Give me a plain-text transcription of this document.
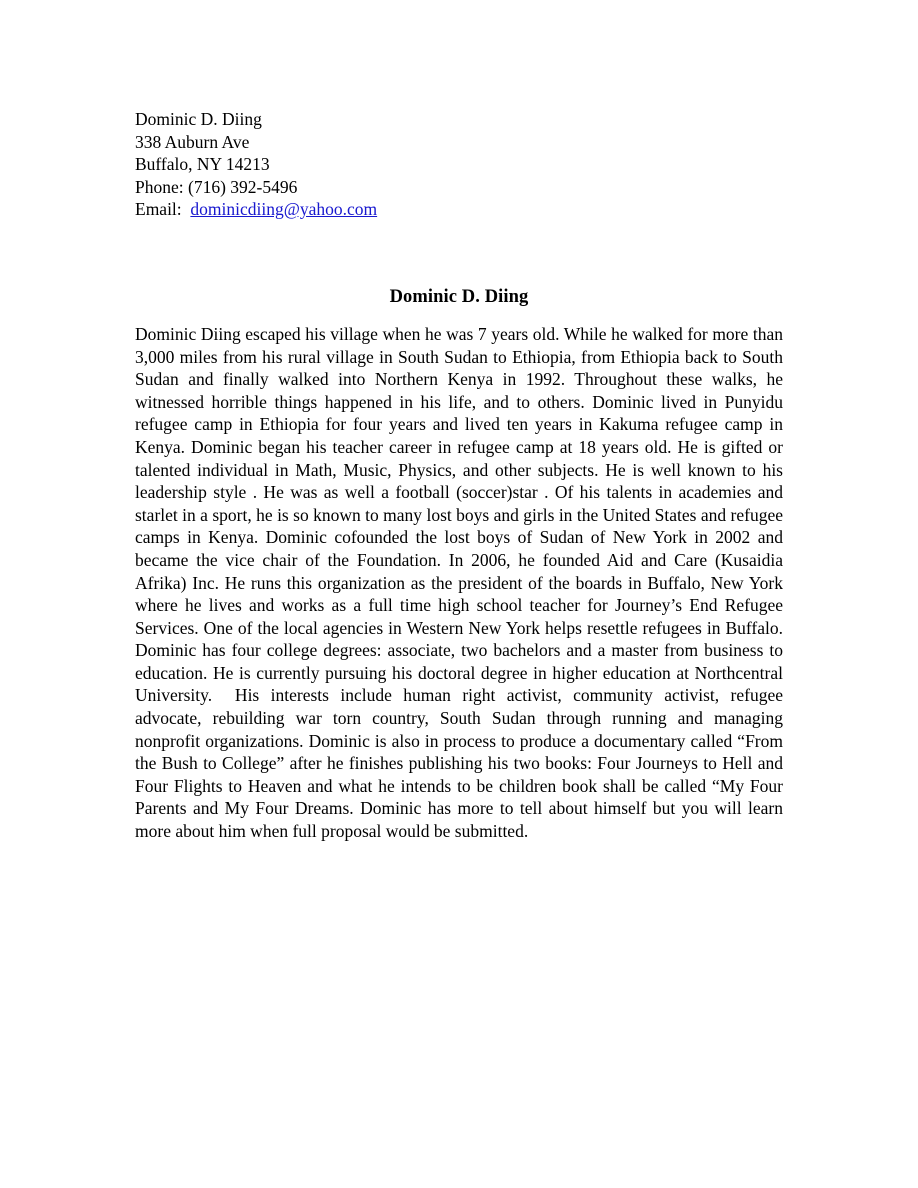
Dominic D. Diing
338 Auburn Ave
Buffalo, NY 14213
Phone: (716) 392-5496
Email:  dominicdiing@yahoo.com
Dominic D. Diing

Dominic Diing escaped his village when he was 7 years old. While he walked for more than 3,000 miles from his rural village in South Sudan to Ethiopia, from Ethiopia back to South Sudan and finally walked into Northern Kenya in 1992. Throughout these walks, he witnessed horrible things happened in his life, and to others. Dominic lived in Punyidu refugee camp in Ethiopia for four years and lived ten years in Kakuma refugee camp in Kenya. Dominic began his teacher career in refugee camp at 18 years old. He is gifted or talented individual in Math, Music, Physics, and other subjects. He is well known to his leadership style . He was as well a football (soccer)star . Of his talents in academies and starlet in a sport, he is so known to many lost boys and girls in the United States and refugee camps in Kenya. Dominic cofounded the lost boys of Sudan of New York in 2002 and became the vice chair of the Foundation. In 2006, he founded Aid and Care (Kusaidia Afrika) Inc. He runs this organization as the president of the boards in Buffalo, New York where he lives and works as a full time high school teacher for Journey’s End Refugee Services. One of the local agencies in Western New York helps resettle refugees in Buffalo. Dominic has four college degrees: associate, two bachelors and a master from business to education. He is currently pursuing his doctoral degree in higher education at Northcentral University.  His interests include human right activist, community activist, refugee advocate, rebuilding war torn country, South Sudan through running and managing nonprofit organizations. Dominic is also in process to produce a documentary called “From the Bush to College” after he finishes publishing his two books: Four Journeys to Hell and Four Flights to Heaven and what he intends to be children book shall be called “My Four Parents and My Four Dreams. Dominic has more to tell about himself but you will learn more about him when full proposal would be submitted.
